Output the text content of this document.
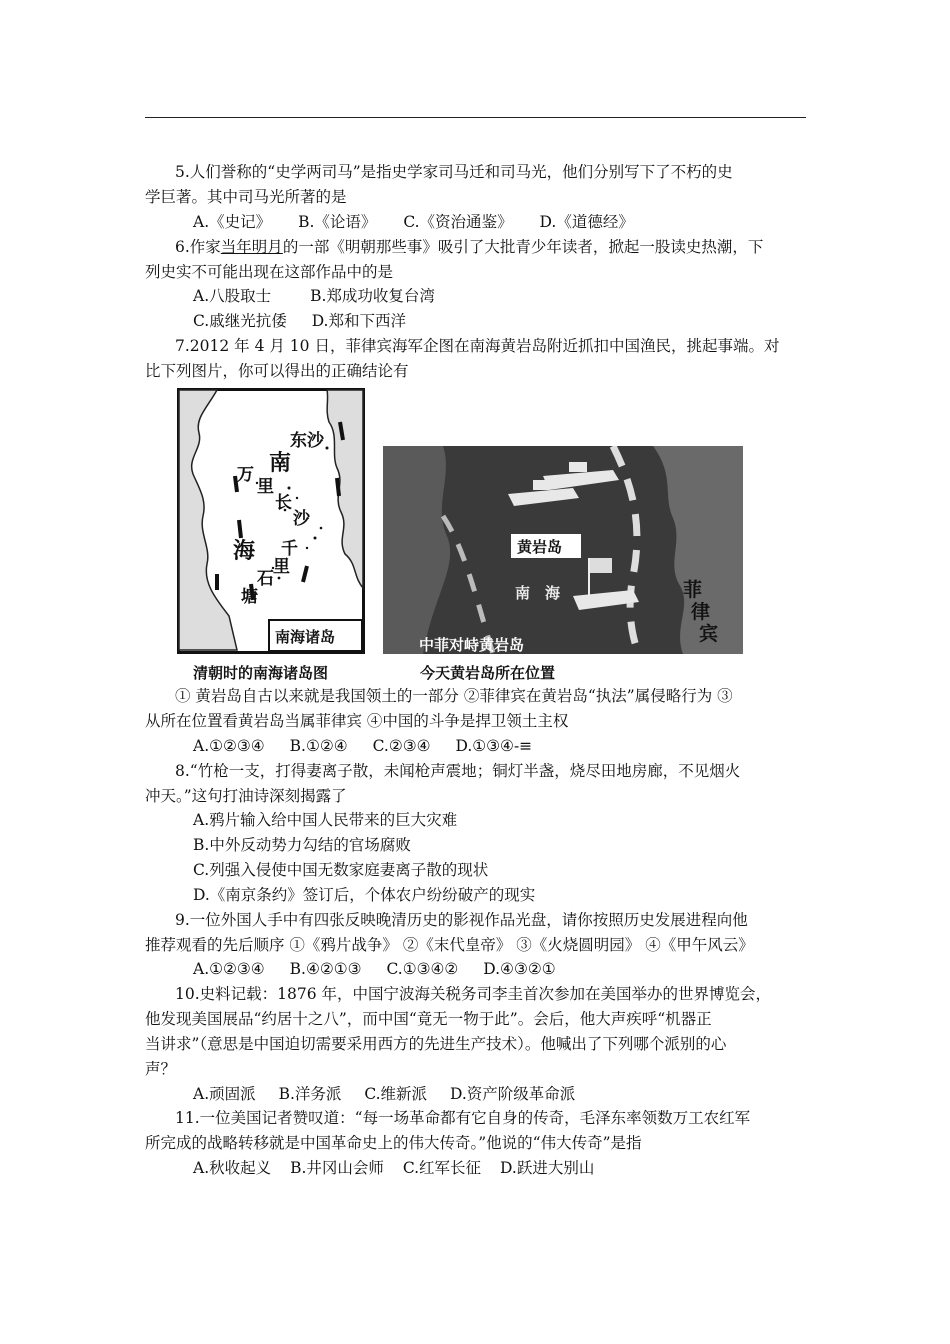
5.人们誉称的“史学两司马”是指史学家司马迁和司马光，他们分别写下了不朽的史
学巨著。其中司马光所著的是
A.《史记》 B.《论语》 C.《资治通鉴》 D.《道德经》
6.作家当年明月的一部《明朝那些事》吸引了大批青少年读者，掀起一股读史热潮，下
列史实不可能出现在这部作品中的是
A.八股取士	B.郑成功收复台湾
C.戚继光抗倭 D.郑和下西洋
7.2012 年 4 月 10 日，菲律宾海军企图在南海黄岩岛附近抓扣中国渔民，挑起事端。对
比下列图片，你可以得出的正确结论有
东沙
南
万
里
长
沙
海 千
里
石
塘
南海诸岛
黄岩岛
南　海	菲
律
宾
中菲对峙黄岩岛
清朝时的南海诸岛图	今天黄岩岛所在位置
① 黄岩岛自古以来就是我国领土的一部分 ②菲律宾在黄岩岛“执法”属侵略行为 ③
从所在位置看黄岩岛当属菲律宾 ④中国的斗争是捍卫领土主权
A.①②③④ B.①②④ C.②③④ D.①③④-≡
8.“竹枪一支，打得妻离子散，未闻枪声震地；铜灯半盏，烧尽田地房廊，不见烟火
冲天。”这句打油诗深刻揭露了
A.鸦片输入给中国人民带来的巨大灾难
B.中外反动势力勾结的官场腐败
C.列强入侵使中国无数家庭妻离子散的现状
D.《南京条约》签订后，个体农户纷纷破产的现实
9.一位外国人手中有四张反映晚清历史的影视作品光盘，请你按照历史发展进程向他
推荐观看的先后顺序 ①《鸦片战争》 ②《末代皇帝》 ③《火烧圆明园》 ④《甲午风云》
A.①②③④ B.④②①③ C.①③④② D.④③②①
10.史料记载：1876 年，中国宁波海关税务司李圭首次参加在美国举办的世界博览会，
他发现美国展品“约居十之八”，而中国“竟无一物于此”。会后，他大声疾呼“机器正
当讲求”（意思是中国迫切需要采用西方的先进生产技术）。他喊出了下列哪个派别的心
声？
A.顽固派 B.洋务派 C.维新派 D.资产阶级革命派
11.一位美国记者赞叹道：“每一场革命都有它自身的传奇，毛泽东率领数万工农红军
所完成的战略转移就是中国革命史上的伟大传奇。”他说的“伟大传奇”是指
A.秋收起义 B.井冈山会师 C.红军长征 D.跃进大别山
